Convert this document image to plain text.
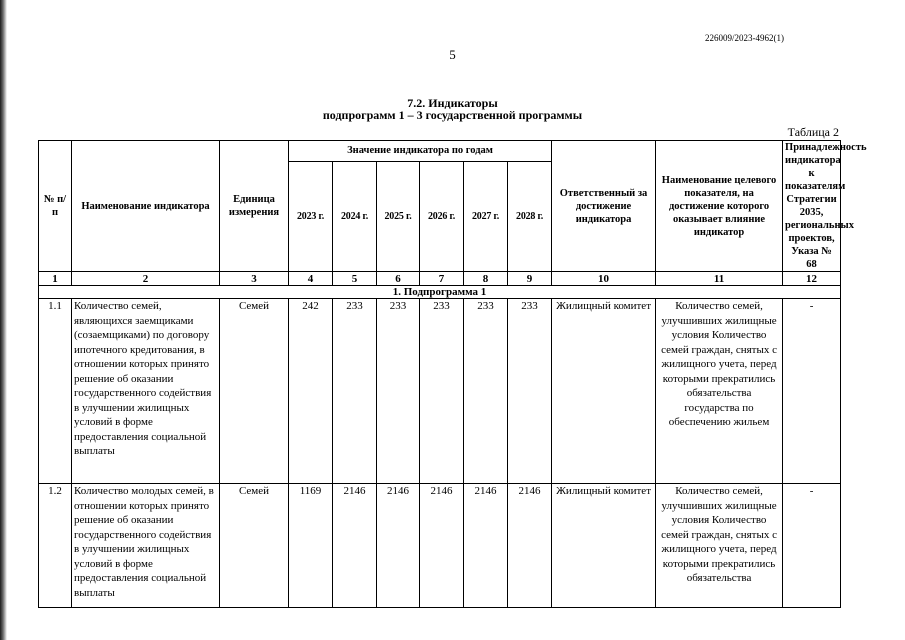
226009/2023-4962(1)
5
7.2. Индикаторы
подпрограмм 1 – 3 государственной программы
Таблица 2
№ п/п	Наименование индикатора	Единица измерения	Значение индикатора по годам						Ответственный за достижение индикатора	Наименование целевого показателя, на достижение которого оказывает влияние индикатор	Принадлежность индикатора к показателям Стратегии 2035, региональных проектов, Указа № 68
			2023 г.	2024 г.	2025 г.	2026 г.	2027 г.	2028 г.			
1	2	3	4	5	6	7	8	9	10	11	12
1. Подпрограмма 1											
1.1	Количество семей, являющихся заемщиками (созаемщиками) по договору ипотечного кредитования, в отношении которых принято решение об оказании государственного содействия в улучшении жилищных условий в форме предоставления социальной выплаты	Семей	242	233	233	233	233	233	Жилищный комитет	Количество семей, улучшивших жилищные условия Количество семей граждан, снятых с жилищного учета, перед которыми прекратились обязательства государства по обеспечению жильем	-
1.2	Количество молодых семей, в отношении которых принято решение об оказании государственного содействия в улучшении жилищных условий в форме предоставления социальной выплаты	Семей	1169	2146	2146	2146	2146	2146	Жилищный комитет	Количество семей, улучшивших жилищные условия Количество семей граждан, снятых с жилищного учета, перед которыми прекратились обязательства	-
